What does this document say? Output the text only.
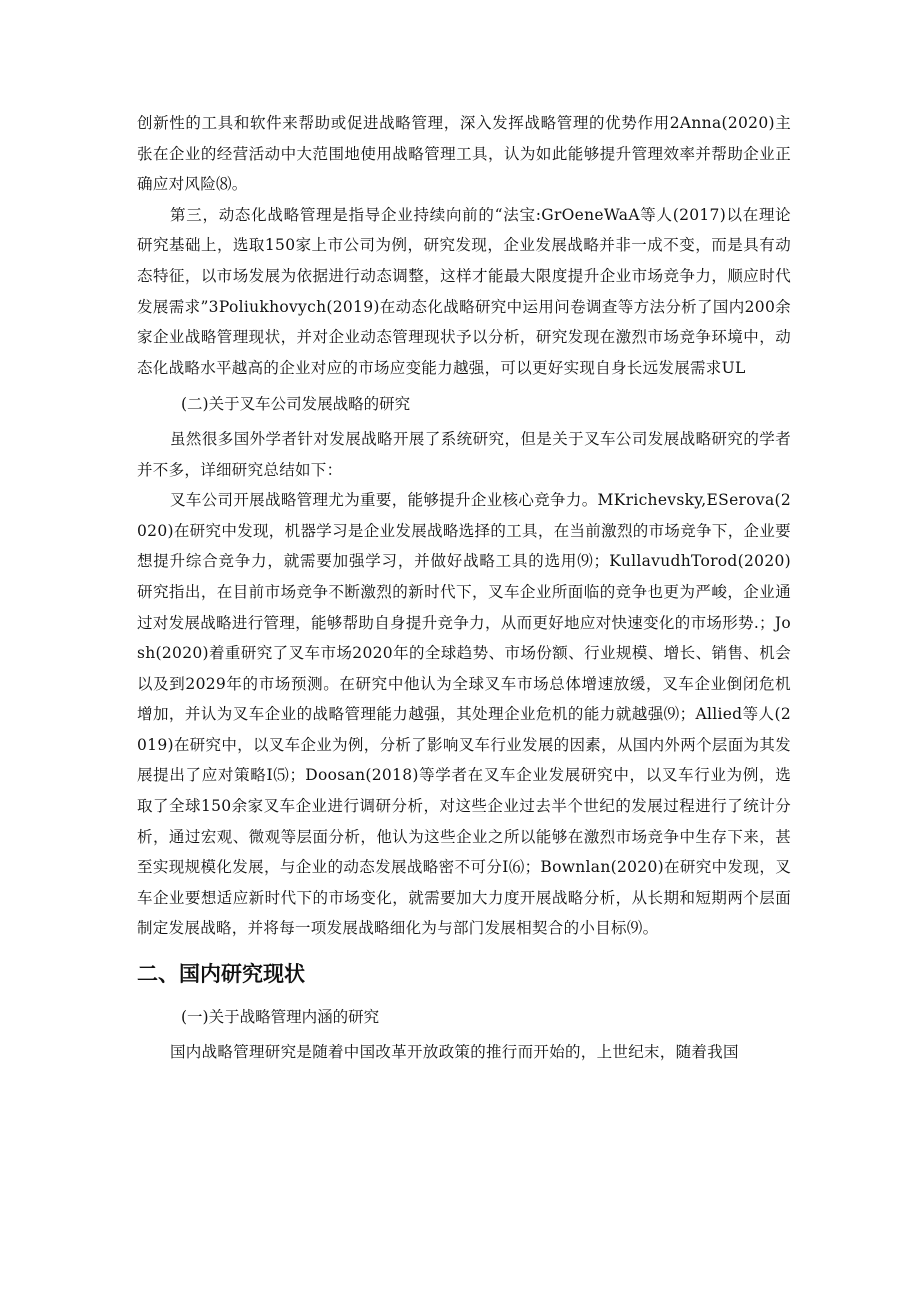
创新性的工具和软件来帮助或促进战略管理，深入发挥战略管理的优势作用2Anna(2020)主张在企业的经营活动中大范围地使用战略管理工具，认为如此能够提升管理效率并帮助企业正确应对风险⑻。

第三，动态化战略管理是指导企业持续向前的“法宝:GrOeneWaA等人(2017)以在理论研究基础上，选取150家上市公司为例，研究发现，企业发展战略并非一成不变，而是具有动态特征，以市场发展为依据进行动态调整，这样才能最大限度提升企业市场竞争力，顺应时代发展需求”3Poliukhovych(2019)在动态化战略研究中运用问卷调查等方法分析了国内200余家企业战略管理现状，并对企业动态管理现状予以分析，研究发现在激烈市场竞争环境中，动态化战略水平越高的企业对应的市场应变能力越强，可以更好实现自身长远发展需求UL

(二)关于叉车公司发展战略的研究

虽然很多国外学者针对发展战略开展了系统研究，但是关于叉车公司发展战略研究的学者并不多，详细研究总结如下：

叉车公司开展战略管理尤为重要，能够提升企业核心竞争力。MKrichevsky,ESerova(2020)在研究中发现，机器学习是企业发展战略选择的工具，在当前激烈的市场竞争下，企业要想提升综合竞争力，就需要加强学习，并做好战略工具的选用⑼；KullavudhTorod(2020)研究指出，在目前市场竞争不断激烈的新时代下，叉车企业所面临的竞争也更为严峻，企业通过对发展战略进行管理，能够帮助自身提升竞争力，从而更好地应对快速变化的市场形势.；Josh(2020)着重研究了叉车市场2020年的全球趋势、市场份额、行业规模、增长、销售、机会以及到2029年的市场预测。在研究中他认为全球叉车市场总体增速放缓，叉车企业倒闭危机增加，并认为叉车企业的战略管理能力越强，其处理企业危机的能力就越强⑼；Allied等人(2019)在研究中，以叉车企业为例，分析了影响叉车行业发展的因素，从国内外两个层面为其发展提出了应对策略I⑸；Doosan(2018)等学者在叉车企业发展研究中，以叉车行业为例，选取了全球150余家叉车企业进行调研分析，对这些企业过去半个世纪的发展过程进行了统计分析，通过宏观、微观等层面分析，他认为这些企业之所以能够在激烈市场竞争中生存下来，甚至实现规模化发展，与企业的动态发展战略密不可分I⑹；Bownlan(2020)在研究中发现，叉车企业要想适应新时代下的市场变化，就需要加大力度开展战略分析，从长期和短期两个层面制定发展战略，并将每一项发展战略细化为与部门发展相契合的小目标⑼。

二、国内研究现状

(一)关于战略管理内涵的研究

国内战略管理研究是随着中国改革开放政策的推行而开始的，上世纪末，随着我国
